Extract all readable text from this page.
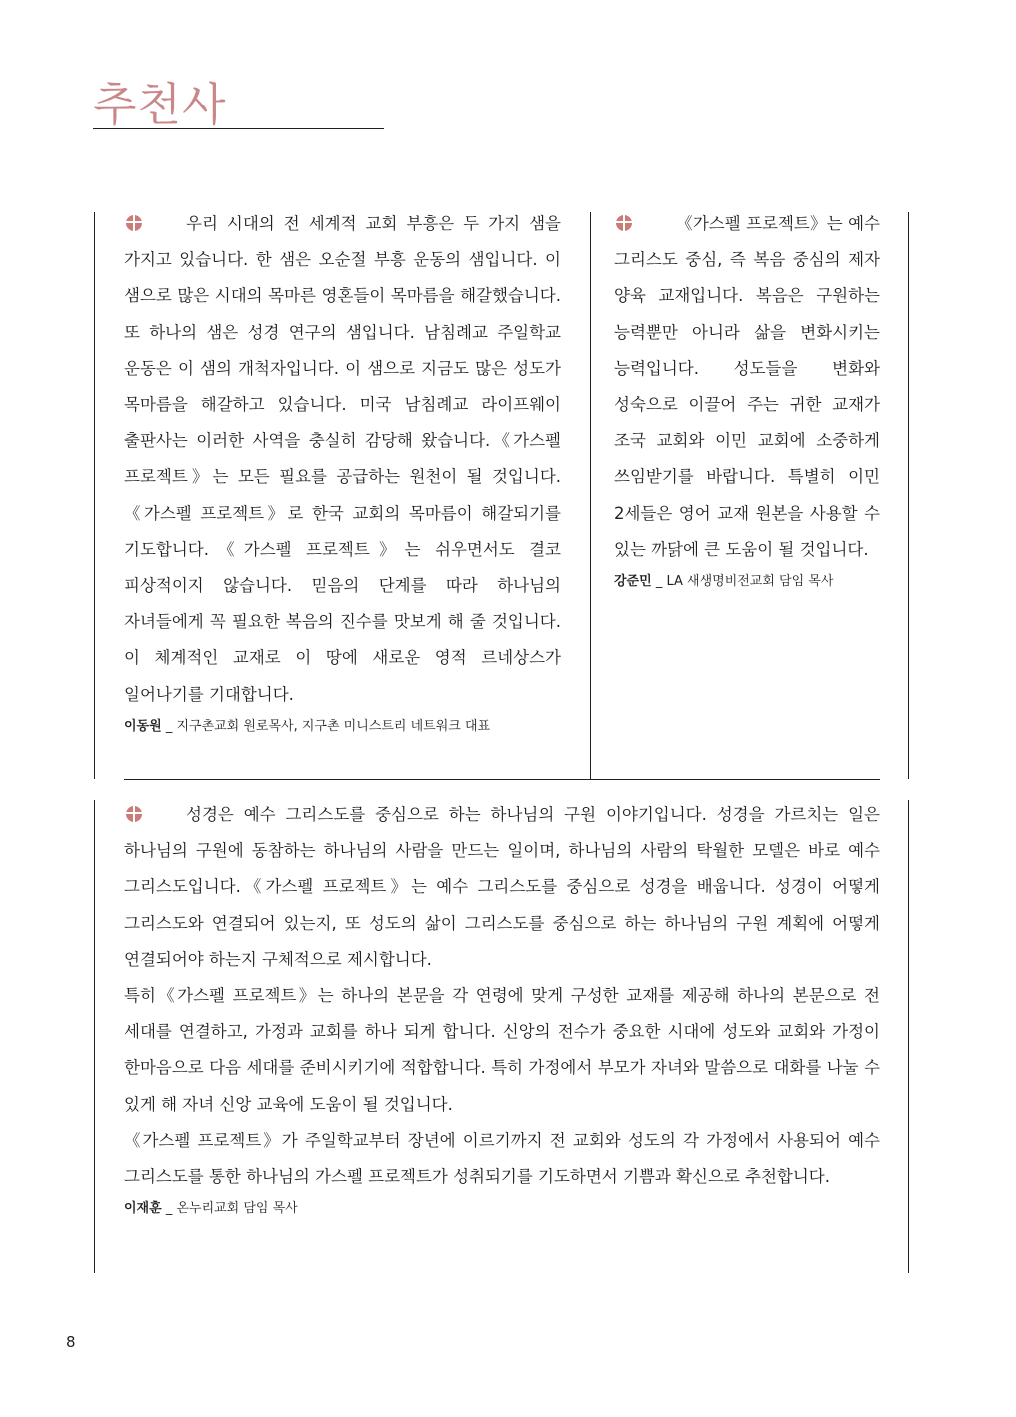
추천사

우리 시대의 전 세계적 교회 부흥은 두 가지 샘을 가지고 있습니다. 한 샘은 오순절 부흥 운동의 샘입니다. 이 샘으로 많은 시대의 목마른 영혼들이 목마름을 해갈했습니다. 또 하나의 샘은 성경 연구의 샘입니다. 남침례교 주일학교 운동은 이 샘의 개척자입니다. 이 샘으로 지금도 많은 성도가 목마름을 해갈하고 있습니다. 미국 남침례교 라이프웨이 출판사는 이러한 사역을 충실히 감당해 왔습니다.《가스펠 프로젝트》는 모든 필요를 공급하는 원천이 될 것입니다.《가스펠 프로젝트》로 한국 교회의 목마름이 해갈되기를 기도합니다.《가스펠 프로젝트》는 쉬우면서도 결코 피상적이지 않습니다. 믿음의 단계를 따라 하나님의 자녀들에게 꼭 필요한 복음의 진수를 맛보게 해 줄 것입니다. 이 체계적인 교재로 이 땅에 새로운 영적 르네상스가 일어나기를 기대합니다.

이동원 _ 지구촌교회 원로목사, 지구촌 미니스트리 네트워크 대표

《가스펠 프로젝트》는 예수 그리스도 중심, 즉 복음 중심의 제자 양육 교재입니다. 복음은 구원하는 능력뿐만 아니라 삶을 변화시키는 능력입니다. 성도들을 변화와 성숙으로 이끌어 주는 귀한 교재가 조국 교회와 이민 교회에 소중하게 쓰임받기를 바랍니다. 특별히 이민 2세들은 영어 교재 원본을 사용할 수 있는 까닭에 큰 도움이 될 것입니다.

강준민 _ LA 새생명비전교회 담임 목사

성경은 예수 그리스도를 중심으로 하는 하나님의 구원 이야기입니다. 성경을 가르치는 일은 하나님의 구원에 동참하는 하나님의 사람을 만드는 일이며, 하나님의 사람의 탁월한 모델은 바로 예수 그리스도입니다.《가스펠 프로젝트》는 예수 그리스도를 중심으로 성경을 배웁니다. 성경이 어떻게 그리스도와 연결되어 있는지, 또 성도의 삶이 그리스도를 중심으로 하는 하나님의 구원 계획에 어떻게 연결되어야 하는지 구체적으로 제시합니다.

특히《가스펠 프로젝트》는 하나의 본문을 각 연령에 맞게 구성한 교재를 제공해 하나의 본문으로 전 세대를 연결하고, 가정과 교회를 하나 되게 합니다. 신앙의 전수가 중요한 시대에 성도와 교회와 가정이 한마음으로 다음 세대를 준비시키기에 적합합니다. 특히 가정에서 부모가 자녀와 말씀으로 대화를 나눌 수 있게 해 자녀 신앙 교육에 도움이 될 것입니다.

《가스펠 프로젝트》가 주일학교부터 장년에 이르기까지 전 교회와 성도의 각 가정에서 사용되어 예수 그리스도를 통한 하나님의 가스펠 프로젝트가 성취되기를 기도하면서 기쁨과 확신으로 추천합니다.

이재훈 _ 온누리교회 담임 목사
8
